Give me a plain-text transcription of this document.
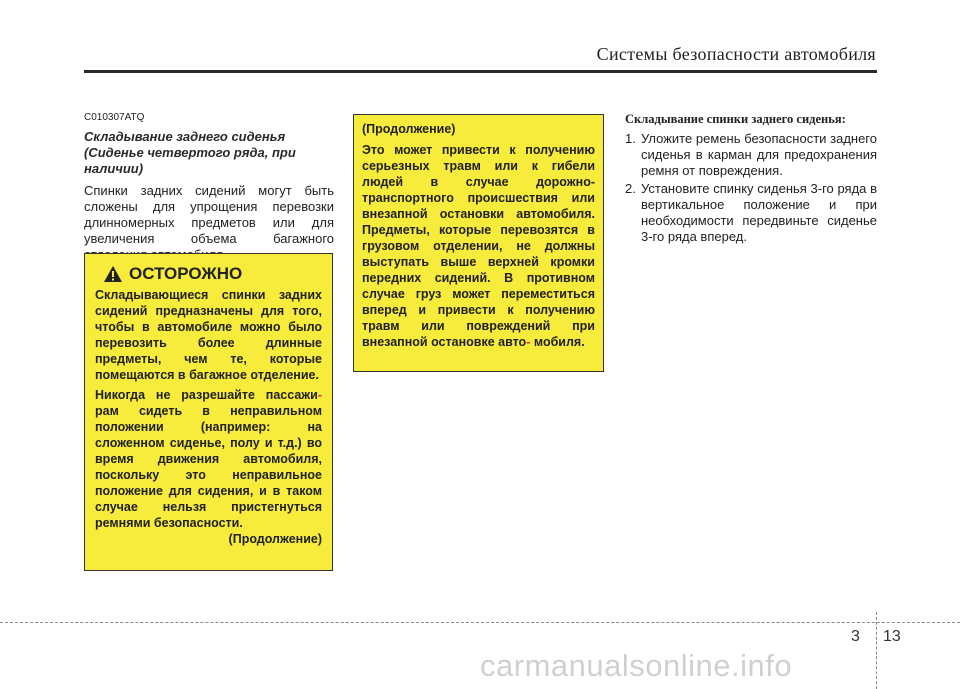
Системы безопасности автомобиля
C010307ATQ
Складывание заднего сиденья (Сиденье четвертого ряда, при наличии)
Спинки задних сидений могут быть сложены для упрощения перевозки длинномерных предметов или для увеличения объема багажного
ОСТОРОЖНО

Складывающиеся спинки задних сидений предназначены для того, чтобы в автомобиле можно было перевозить более длинные предметы, чем те, которые помещаются в багажное отделение.

Никогда не разрешайте пассажи- рам сидеть в неправильном положении (например: на сложенном сиденье, полу и т.д.) во время движения автомобиля, поскольку это неправильное положение для сидения, и в таком случае нельзя пристегнуться ремнями безопасности.

(Продолжение)
(Продолжение)

Это может привести к получению серьезных травм или к гибели людей в случае дорожно-транспортного происшествия или внезапной остановки автомобиля. Предметы, которые перевозятся в грузовом отделении, не должны выступать выше верхней кромки передних сидений. В противном случае груз может переместиться вперед и привести к получению травм или повреждений при внезапной остановке авто- мобиля.

Складывание спинки заднего сиденья:
1. Уложите ремень безопасности заднего сиденья в карман для предохранения ремня от повреждения.
2. Установите спинку сиденья 3-го ряда в вертикальное положение и при необходимости передвиньте сиденье 3-го ряда вперед.
3 13
carmanualsonline.info
